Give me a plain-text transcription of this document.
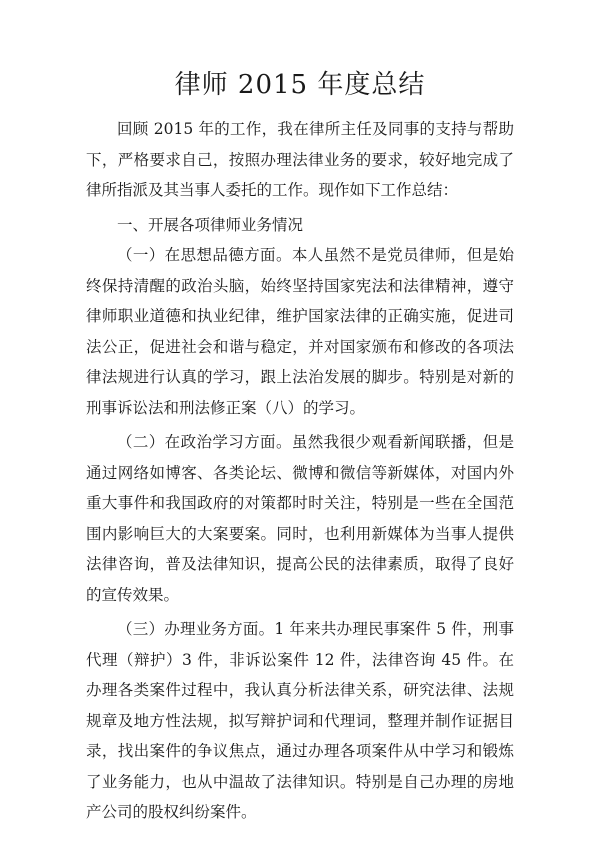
律师 2015 年度总结

回顾 2015 年的工作，我在律所主任及同事的支持与帮助下，严格要求自己，按照办理法律业务的要求，较好地完成了律所指派及其当事人委托的工作。现作如下工作总结：

一、开展各项律师业务情况

（一）在思想品德方面。本人虽然不是党员律师，但是始终保持清醒的政治头脑，始终坚持国家宪法和法律精神，遵守律师职业道德和执业纪律，维护国家法律的正确实施，促进司法公正，促进社会和谐与稳定，并对国家颁布和修改的各项法律法规进行认真的学习，跟上法治发展的脚步。特别是对新的刑事诉讼法和刑法修正案（八）的学习。

（二）在政治学习方面。虽然我很少观看新闻联播，但是通过网络如博客、各类论坛、微博和微信等新媒体，对国内外重大事件和我国政府的对策都时时关注，特别是一些在全国范围内影响巨大的大案要案。同时，也利用新媒体为当事人提供法律咨询，普及法律知识，提高公民的法律素质，取得了良好的宣传效果。

（三）办理业务方面。1 年来共办理民事案件 5 件，刑事代理（辩护）3 件，非诉讼案件 12 件，法律咨询 45 件。在办理各类案件过程中，我认真分析法律关系，研究法律、法规规章及地方性法规，拟写辩护词和代理词，整理并制作证据目录，找出案件的争议焦点，通过办理各项案件从中学习和锻炼了业务能力，也从中温故了法律知识。特别是自己办理的房地产公司的股权纠纷案件。
